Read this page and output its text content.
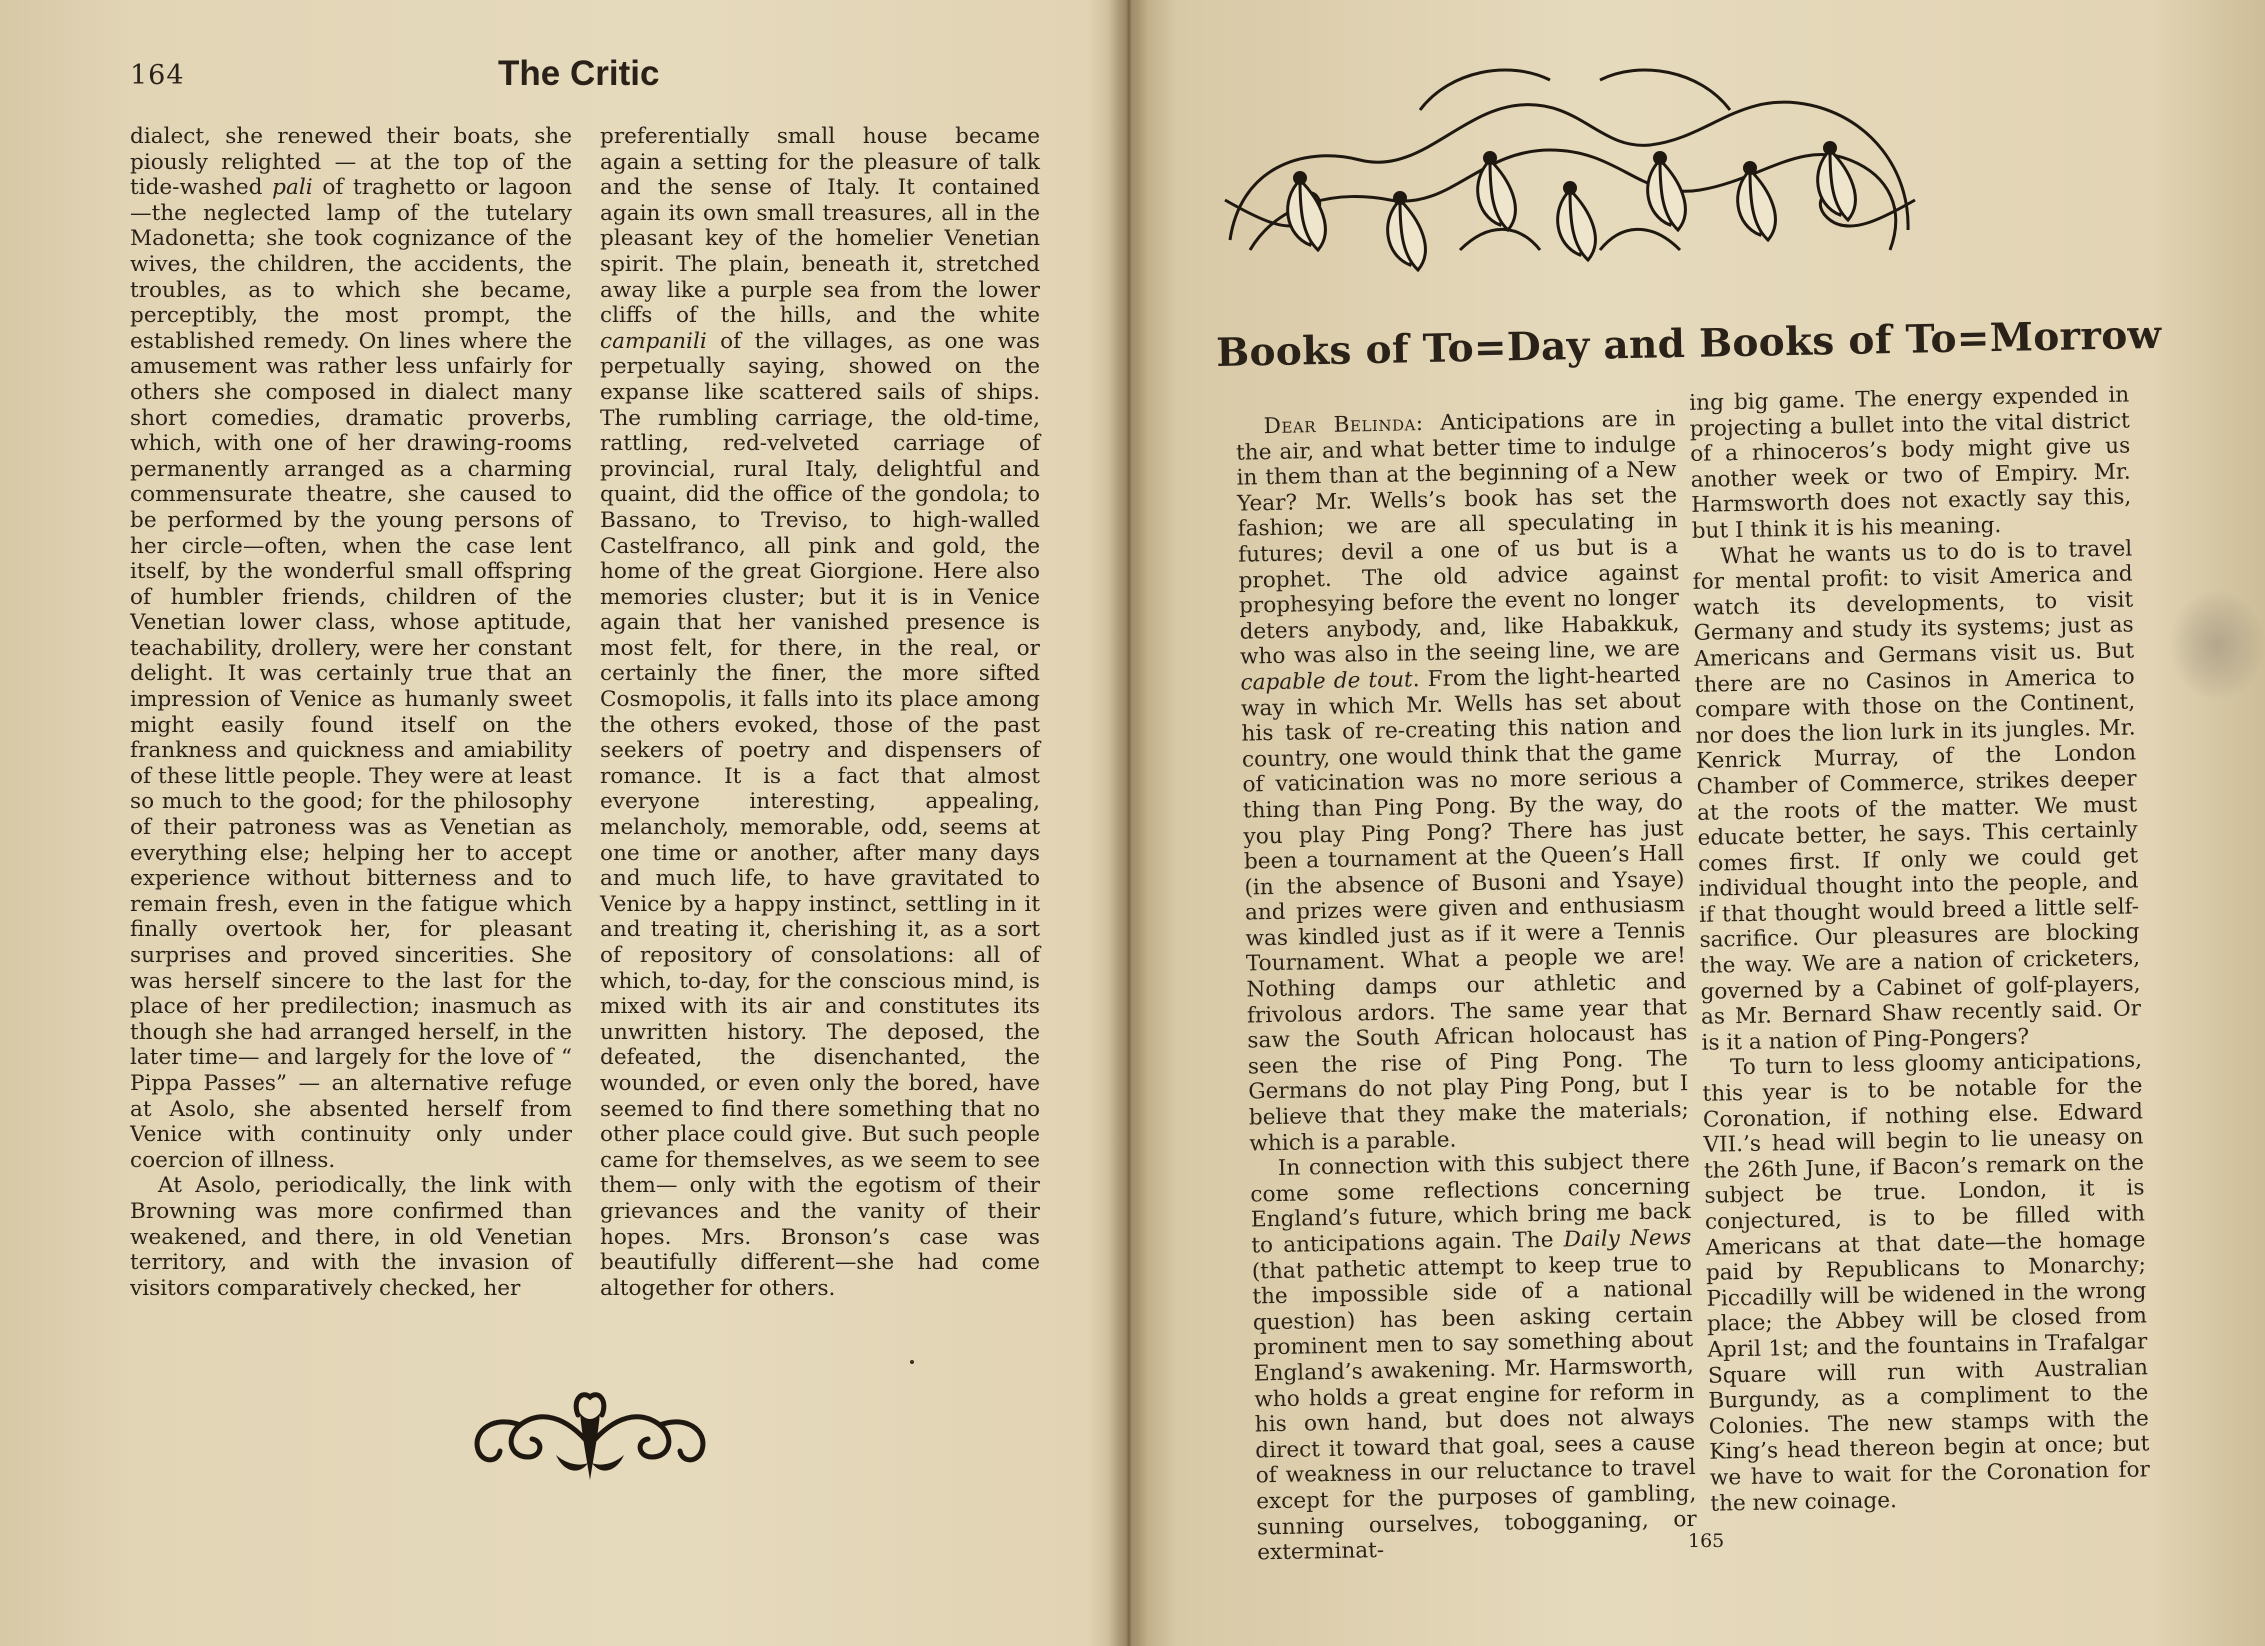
164	The Critic

dialect, she renewed their boats, she piously relighted — at the top of the tide-washed pali of traghetto or lagoon —the neglected lamp of the tutelary Madonetta; she took cognizance of the wives, the children, the accidents, the troubles, as to which she became, perceptibly, the most prompt, the established remedy. On lines where the amusement was rather less unfairly for others she composed in dialect many short comedies, dramatic proverbs, which, with one of her drawing-rooms permanently arranged as a charming commensurate theatre, she caused to be performed by the young persons of her circle—often, when the case lent itself, by the wonderful small offspring of humbler friends, children of the Venetian lower class, whose aptitude, teachability, drollery, were her constant delight. It was certainly true that an impression of Venice as humanly sweet might easily found itself on the frankness and quickness and amiability of these little people. They were at least so much to the good; for the philosophy of their patroness was as Venetian as everything else; helping her to accept experience without bitterness and to remain fresh, even in the fatigue which finally overtook her, for pleasant surprises and proved sincerities. She was herself sincere to the last for the place of her predilection; inasmuch as though she had arranged herself, in the later time— and largely for the love of “ Pippa Passes” — an alternative refuge at Asolo, she absented herself from Venice with continuity only under coercion of illness.

At Asolo, periodically, the link with Browning was more confirmed than weakened, and there, in old Venetian territory, and with the invasion of visitors comparatively checked, her

preferentially small house became again a setting for the pleasure of talk and the sense of Italy. It contained again its own small treasures, all in the pleasant key of the homelier Venetian spirit. The plain, beneath it, stretched away like a purple sea from the lower cliffs of the hills, and the white campanili of the villages, as one was perpetually saying, showed on the expanse like scattered sails of ships. The rumbling carriage, the old-time, rattling, red-velveted carriage of provincial, rural Italy, delightful and quaint, did the office of the gondola; to Bassano, to Treviso, to high-walled Castelfranco, all pink and gold, the home of the great Giorgione. Here also memories cluster; but it is in Venice again that her vanished presence is most felt, for there, in the real, or certainly the finer, the more sifted Cosmopolis, it falls into its place among the others evoked, those of the past seekers of poetry and dispensers of romance. It is a fact that almost everyone interesting, appealing, melancholy, memorable, odd, seems at one time or another, after many days and much life, to have gravitated to Venice by a happy instinct, settling in it and treating it, cherishing it, as a sort of repository of consolations: all of which, to-day, for the conscious mind, is mixed with its air and constitutes its unwritten history. The deposed, the defeated, the disenchanted, the wounded, or even only the bored, have seemed to find there something that no other place could give. But such people came for themselves, as we seem to see them— only with the egotism of their grievances and the vanity of their hopes. Mrs. Bronson’s case was beautifully different—she had come altogether for others.

Books of To=Day and Books of To=Morrow

Dear Belinda: Anticipations are in the air, and what better time to indulge in them than at the beginning of a New Year? Mr. Wells’s book has set the fashion; we are all speculating in futures; devil a one of us but is a prophet. The old advice against prophesying before the event no longer deters anybody, and, like Habakkuk, who was also in the seeing line, we are capable de tout. From the light-hearted way in which Mr. Wells has set about his task of re-creating this nation and country, one would think that the game of vaticination was no more serious a thing than Ping Pong. By the way, do you play Ping Pong? There has just been a tournament at the Queen’s Hall (in the absence of Busoni and Ysaye) and prizes were given and enthusiasm was kindled just as if it were a Tennis Tournament. What a people we are! Nothing damps our athletic and frivolous ardors. The same year that saw the South African holocaust has seen the rise of Ping Pong. The Germans do not play Ping Pong, but I believe that they make the materials; which is a parable.

In connection with this subject there come some reflections concerning England’s future, which bring me back to anticipations again. The Daily News (that pathetic attempt to keep true to the impossible side of a national question) has been asking certain prominent men to say something about England’s awakening. Mr. Harmsworth, who holds a great engine for reform in his own hand, but does not always direct it toward that goal, sees a cause of weakness in our reluctance to travel except for the purposes of gambling, sunning ourselves, tobogganing, or exterminat-

ing big game. The energy expended in projecting a bullet into the vital district of a rhinoceros’s body might give us another week or two of Empiry. Mr. Harmsworth does not exactly say this, but I think it is his meaning.

What he wants us to do is to travel for mental profit: to visit America and watch its developments, to visit Germany and study its systems; just as Americans and Germans visit us. But there are no Casinos in America to compare with those on the Continent, nor does the lion lurk in its jungles. Mr. Kenrick Murray, of the London Chamber of Commerce, strikes deeper at the roots of the matter. We must educate better, he says. This certainly comes first. If only we could get individual thought into the people, and if that thought would breed a little self-sacrifice. Our pleasures are blocking the way. We are a nation of cricketers, governed by a Cabinet of golf-players, as Mr. Bernard Shaw recently said. Or is it a nation of Ping-Pongers?

To turn to less gloomy anticipations, this year is to be notable for the Coronation, if nothing else. Edward VII.’s head will begin to lie uneasy on the 26th June, if Bacon’s remark on the subject be true. London, it is conjectured, is to be filled with Americans at that date—the homage paid by Republicans to Monarchy; Piccadilly will be widened in the wrong place; the Abbey will be closed from April 1st; and the fountains in Trafalgar Square will run with Australian Burgundy, as a compliment to the Colonies. The new stamps with the King’s head thereon begin at once; but we have to wait for the Coronation for the new coinage.

165
